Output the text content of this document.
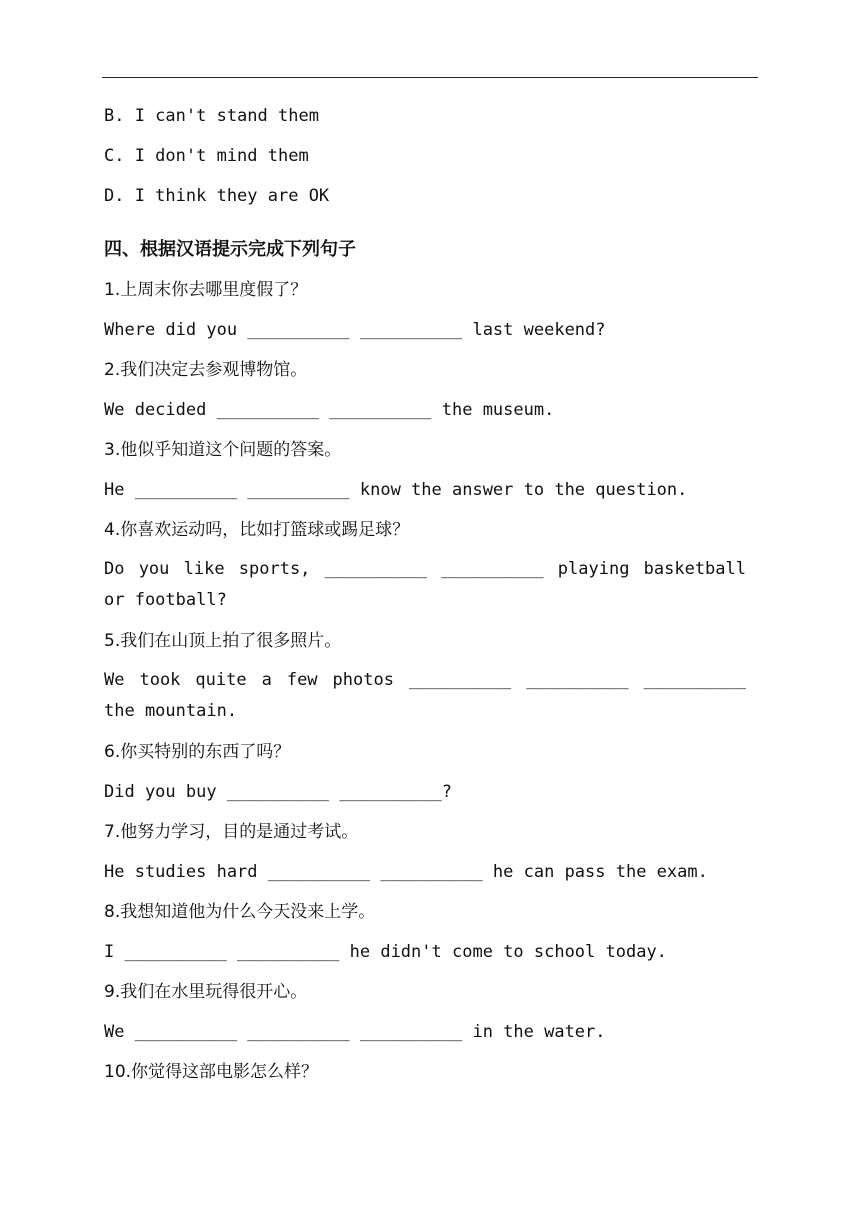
B. I can't stand them
C. I don't mind them
D. I think they are OK
四、根据汉语提示完成下列句子
1.上周末你去哪里度假了？
Where did you __________ __________ last weekend?
2.我们决定去参观博物馆。
We decided __________ __________ the museum.
3.他似乎知道这个问题的答案。
He __________ __________ know the answer to the question.
4.你喜欢运动吗，比如打篮球或踢足球？
Do you like sports, __________ __________ playing basketball or football?
5.我们在山顶上拍了很多照片。
We took quite a few photos __________ __________ __________ the mountain.
6.你买特别的东西了吗？
Did you buy __________ __________?
7.他努力学习，目的是通过考试。
He studies hard __________ __________ he can pass the exam.
8.我想知道他为什么今天没来上学。
I __________ __________ he didn't come to school today.
9.我们在水里玩得很开心。
We __________ __________ __________ in the water.
10.你觉得这部电影怎么样？
